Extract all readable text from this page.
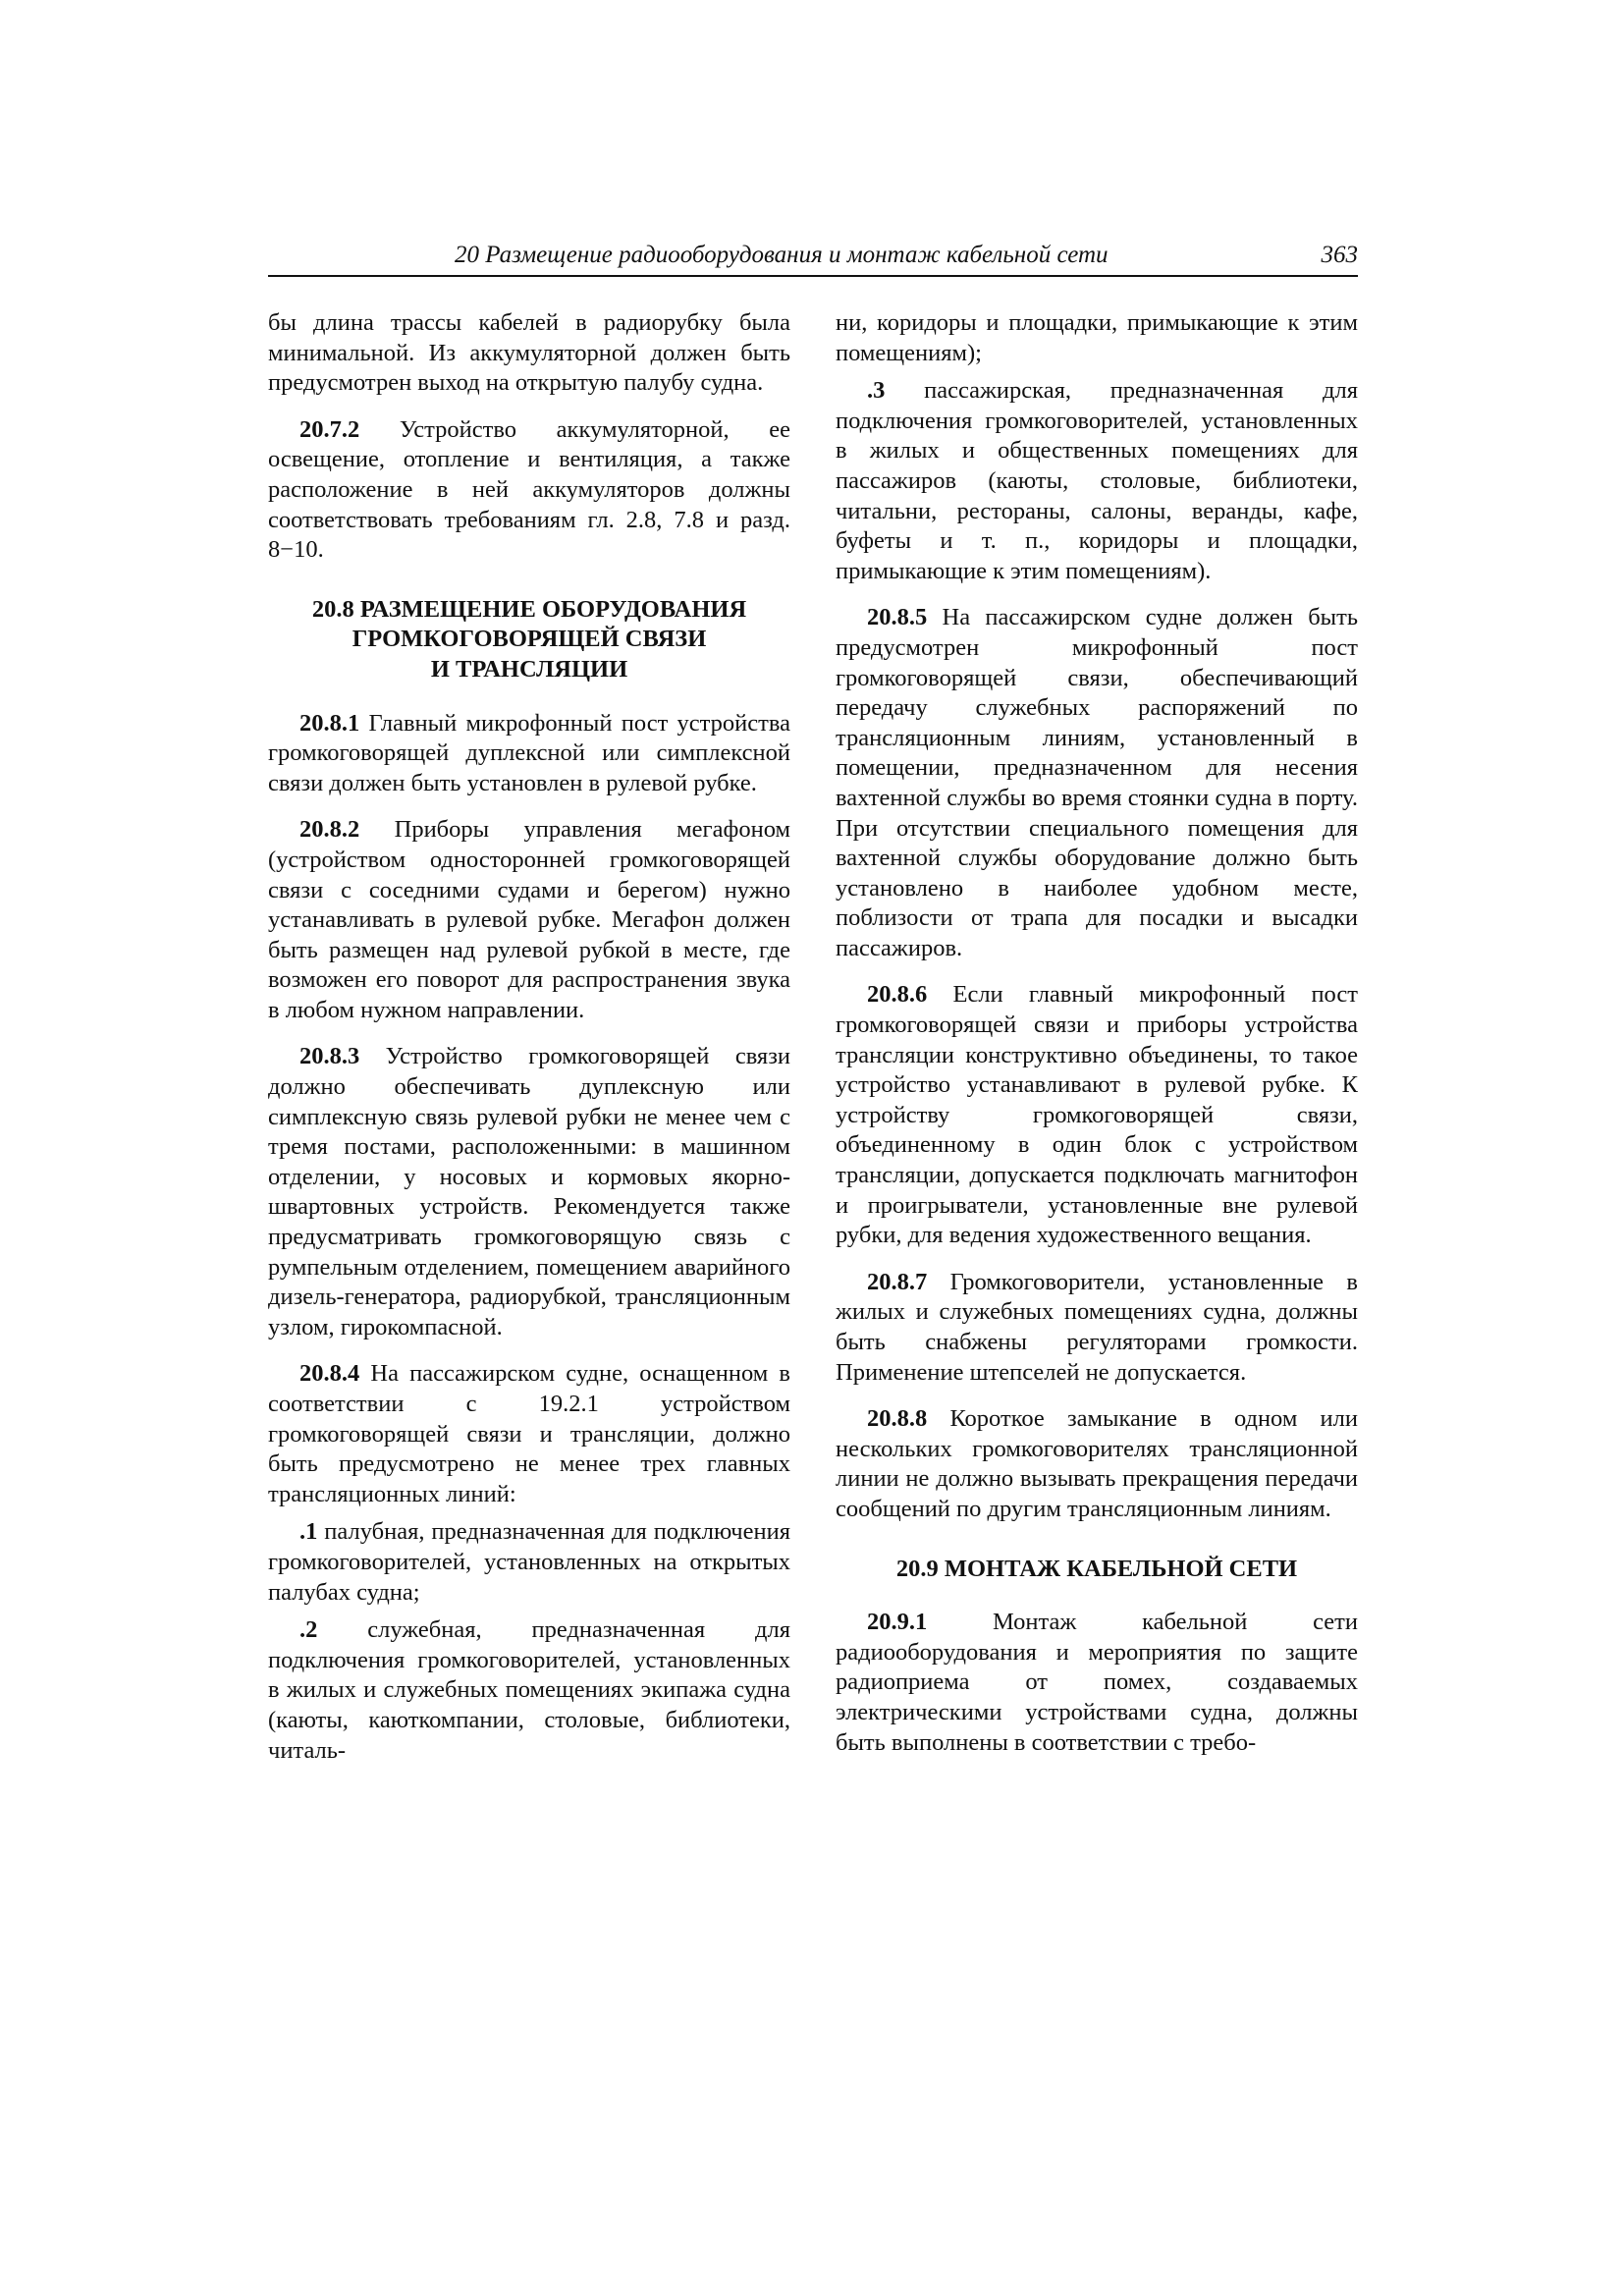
20 Размещение радиооборудования и монтаж кабельной сети	363

бы длина трассы кабелей в радиорубку была минимальной. Из аккумуляторной должен быть предусмотрен выход на открытую палубу судна.

20.7.2 Устройство аккумуляторной, ее освещение, отопление и вентиляция, а также расположение в ней аккумуляторов должны соответствовать требованиям гл. 2.8, 7.8 и разд. 8−10.

20.8 РАЗМЕЩЕНИЕ ОБОРУДОВАНИЯ
ГРОМКОГОВОРЯЩЕЙ СВЯЗИ
И ТРАНСЛЯЦИИ

20.8.1 Главный микрофонный пост устройства громкоговорящей дуплексной или симплексной связи должен быть установлен в рулевой рубке.

20.8.2 Приборы управления мегафоном (устройством односторонней громкоговорящей связи с соседними судами и берегом) нужно устанавливать в рулевой рубке. Мегафон должен быть размещен над рулевой рубкой в месте, где возможен его поворот для распространения звука в любом нужном направлении.

20.8.3 Устройство громкоговорящей связи должно обеспечивать дуплексную или симплексную связь рулевой рубки не менее чем с тремя постами, расположенными: в машинном отделении, у носовых и кормовых якорно-швартовных устройств. Рекомендуется также предусматривать громкоговорящую связь с румпельным отделением, помещением аварийного дизель-генератора, радиорубкой, трансляционным узлом, гирокомпасной.

20.8.4 На пассажирском судне, оснащенном в соответствии с 19.2.1 устройством громкоговорящей связи и трансляции, должно быть предусмотрено не менее трех главных трансляционных линий:

.1 палубная, предназначенная для подключения громкоговорителей, установленных на открытых палубах судна;

.2 служебная, предназначенная для подключения громкоговорителей, установленных в жилых и служебных помещениях экипажа судна (каюты, каюткомпании, столовые, библиотеки, читаль-

ни, коридоры и площадки, примыкающие к этим помещениям);

.3 пассажирская, предназначенная для подключения громкоговорителей, установленных в жилых и общественных помещениях для пассажиров (каюты, столовые, библиотеки, читальни, рестораны, салоны, веранды, кафе, буфеты и т. п., коридоры и площадки, примыкающие к этим помещениям).

20.8.5 На пассажирском судне должен быть предусмотрен микрофонный пост громкоговорящей связи, обеспечивающий передачу служебных распоряжений по трансляционным линиям, установленный в помещении, предназначенном для несения вахтенной службы во время стоянки судна в порту. При отсутствии специального помещения для вахтенной службы оборудование должно быть установлено в наиболее удобном месте, поблизости от трапа для посадки и высадки пассажиров.

20.8.6 Если главный микрофонный пост громкоговорящей связи и приборы устройства трансляции конструктивно объединены, то такое устройство устанавливают в рулевой рубке. К устройству громкоговорящей связи, объединенному в один блок с устройством трансляции, допускается подключать магнитофон и проигрыватели, установленные вне рулевой рубки, для ведения художественного вещания.

20.8.7 Громкоговорители, установленные в жилых и служебных помещениях судна, должны быть снабжены регуляторами громкости. Применение штепселей не допускается.

20.8.8 Короткое замыкание в одном или нескольких громкоговорителях трансляционной линии не должно вызывать прекращения передачи сообщений по другим трансляционным линиям.

20.9 МОНТАЖ КАБЕЛЬНОЙ СЕТИ

20.9.1 Монтаж кабельной сети радиооборудования и мероприятия по защите радиоприема от помех, создаваемых электрическими устройствами судна, должны быть выполнены в соответствии с требо-
